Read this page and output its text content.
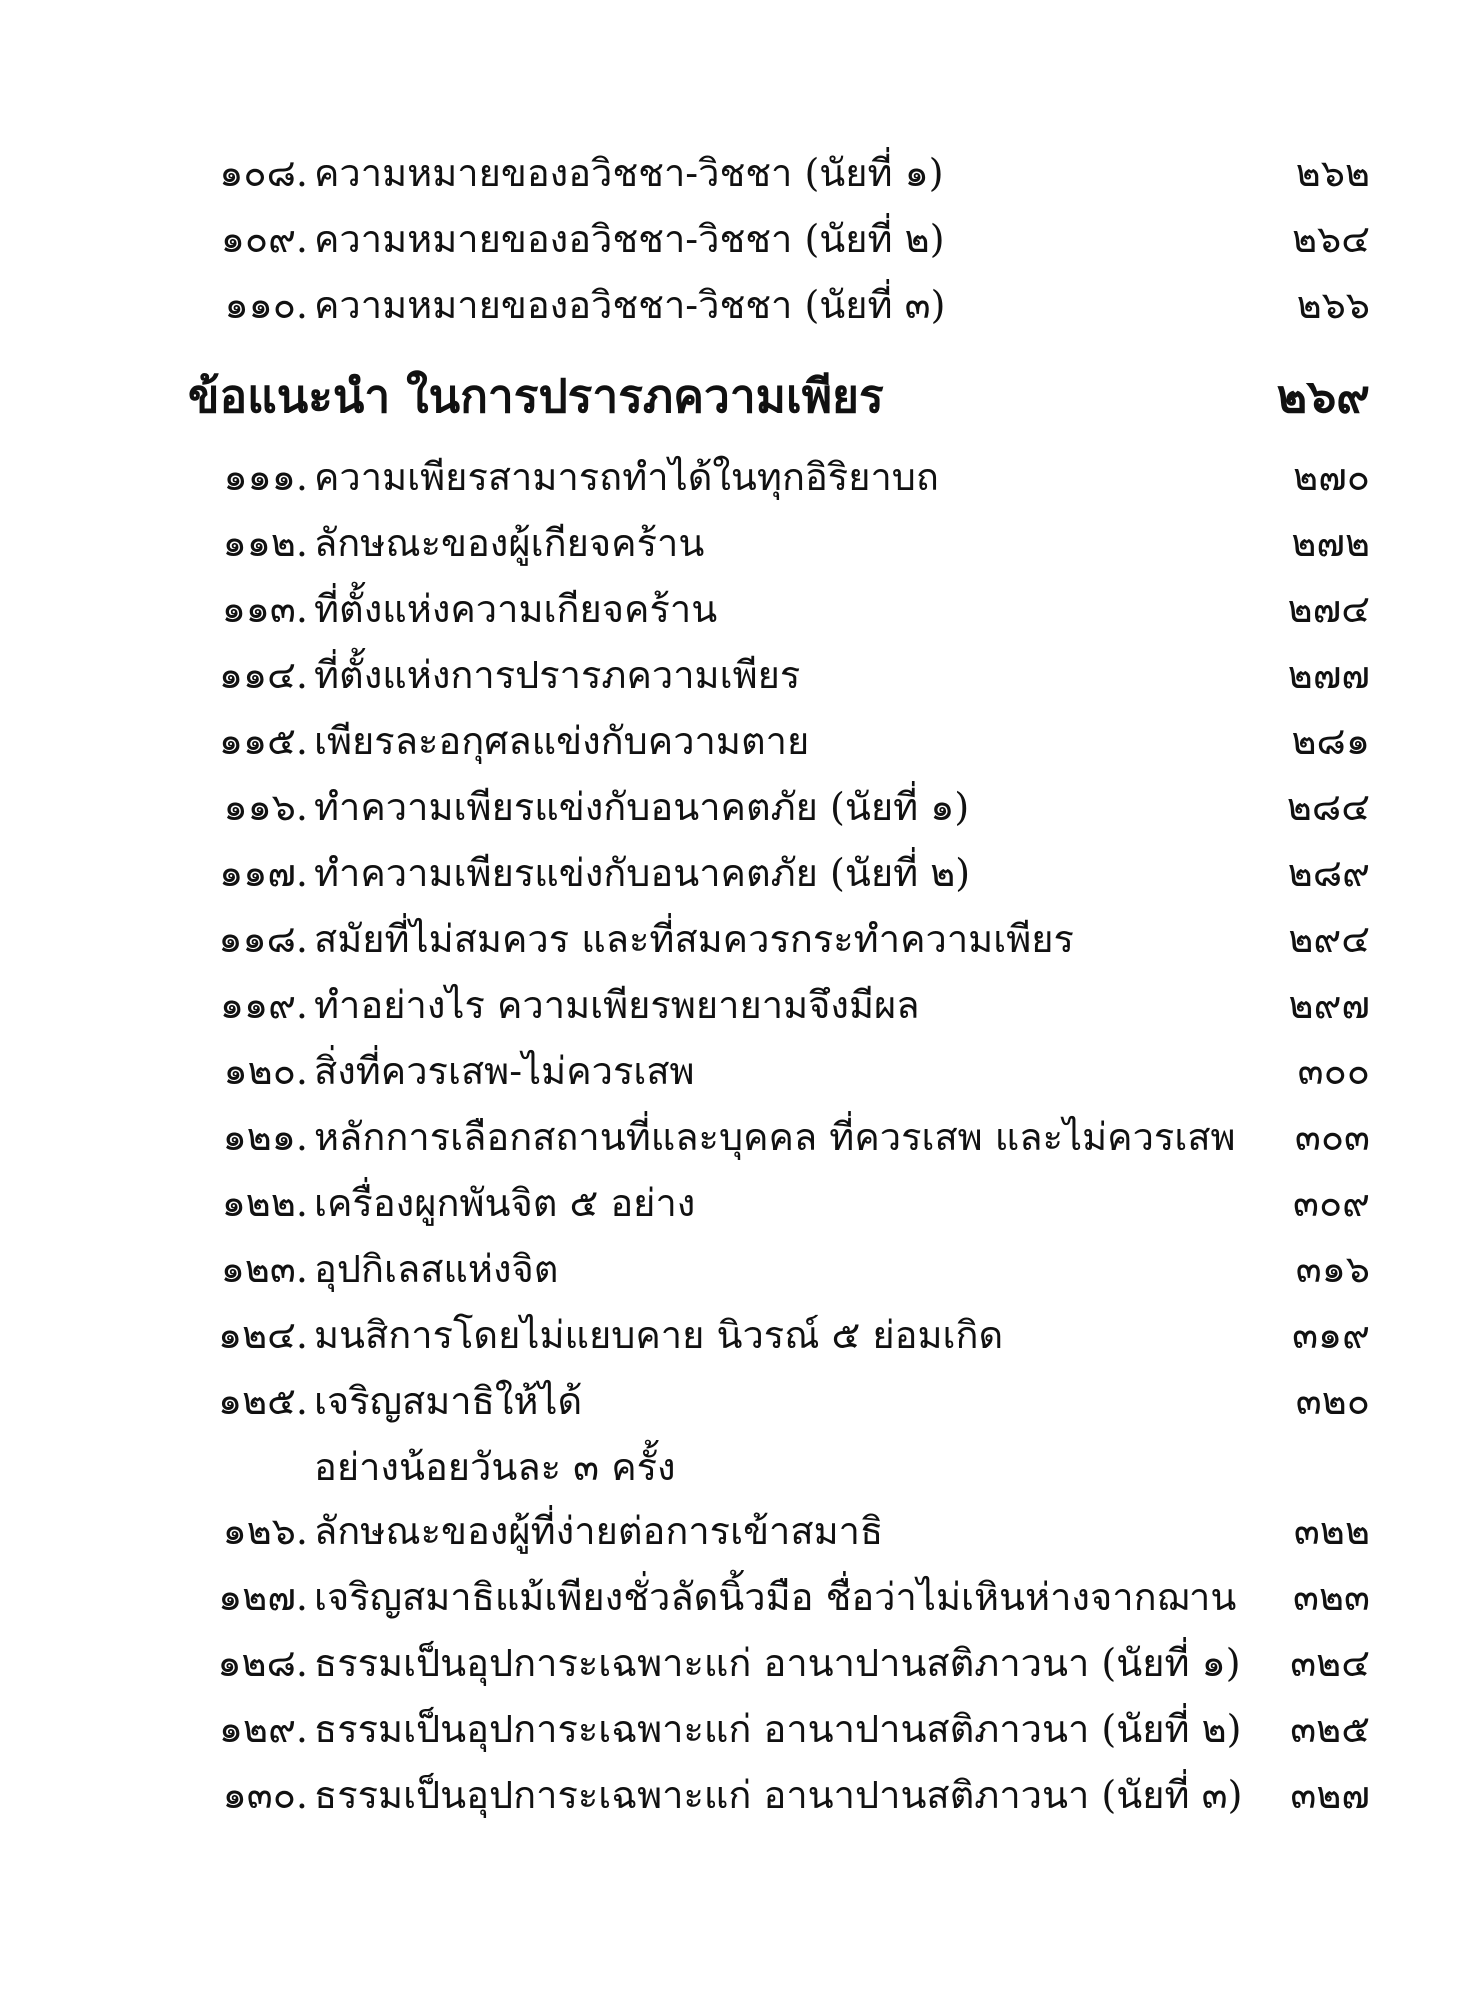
๑๐๘. ความหมายของอวิชชา-วิชชา (นัยที่ ๑)	๒๖๒
๑๐๙. ความหมายของอวิชชา-วิชชา (นัยที่ ๒)	๒๖๔
๑๑๐. ความหมายของอวิชชา-วิชชา (นัยที่ ๓)	๒๖๖
ข้อแนะนำ ในการปรารภความเพียร	๒๖๙
๑๑๑. ความเพียรสามารถทำได้ในทุกอิริยาบถ	๒๗๐
๑๑๒. ลักษณะของผู้เกียจคร้าน	๒๗๒
๑๑๓. ที่ตั้งแห่งความเกียจคร้าน	๒๗๔
๑๑๔. ที่ตั้งแห่งการปรารภความเพียร	๒๗๗
๑๑๕. เพียรละอกุศลแข่งกับความตาย	๒๘๑
๑๑๖. ทำความเพียรแข่งกับอนาคตภัย (นัยที่ ๑)	๒๘๔
๑๑๗. ทำความเพียรแข่งกับอนาคตภัย (นัยที่ ๒)	๒๘๙
๑๑๘. สมัยที่ไม่สมควร และที่สมควรกระทำความเพียร	๒๙๔
๑๑๙. ทำอย่างไร ความเพียรพยายามจึงมีผล	๒๙๗
๑๒๐. สิ่งที่ควรเสพ-ไม่ควรเสพ	๓๐๐
๑๒๑. หลักการเลือกสถานที่และบุคคล ที่ควรเสพ และไม่ควรเสพ ๓๐๓
๑๒๒. เครื่องผูกพันจิต ๕ อย่าง	๓๐๙
๑๒๓. อุปกิเลสแห่งจิต	๓๑๖
๑๒๔. มนสิการโดยไม่แยบคาย นิวรณ์ ๕ ย่อมเกิด	๓๑๙
๑๒๕. เจริญสมาธิให้ได้	๓๒๐
อย่างน้อยวันละ ๓ ครั้ง
๑๒๖. ลักษณะของผู้ที่ง่ายต่อการเข้าสมาธิ	๓๒๒
๑๒๗. เจริญสมาธิแม้เพียงชั่วลัดนิ้วมือ ชื่อว่าไม่เหินห่างจากฌาน ๓๒๓
๑๒๘. ธรรมเป็นอุปการะเฉพาะแก่ อานาปานสติภาวนา (นัยที่ ๑) ๓๒๔
๑๒๙. ธรรมเป็นอุปการะเฉพาะแก่ อานาปานสติภาวนา (นัยที่ ๒) ๓๒๕
๑๓๐. ธรรมเป็นอุปการะเฉพาะแก่ อานาปานสติภาวนา (นัยที่ ๓) ๓๒๗
